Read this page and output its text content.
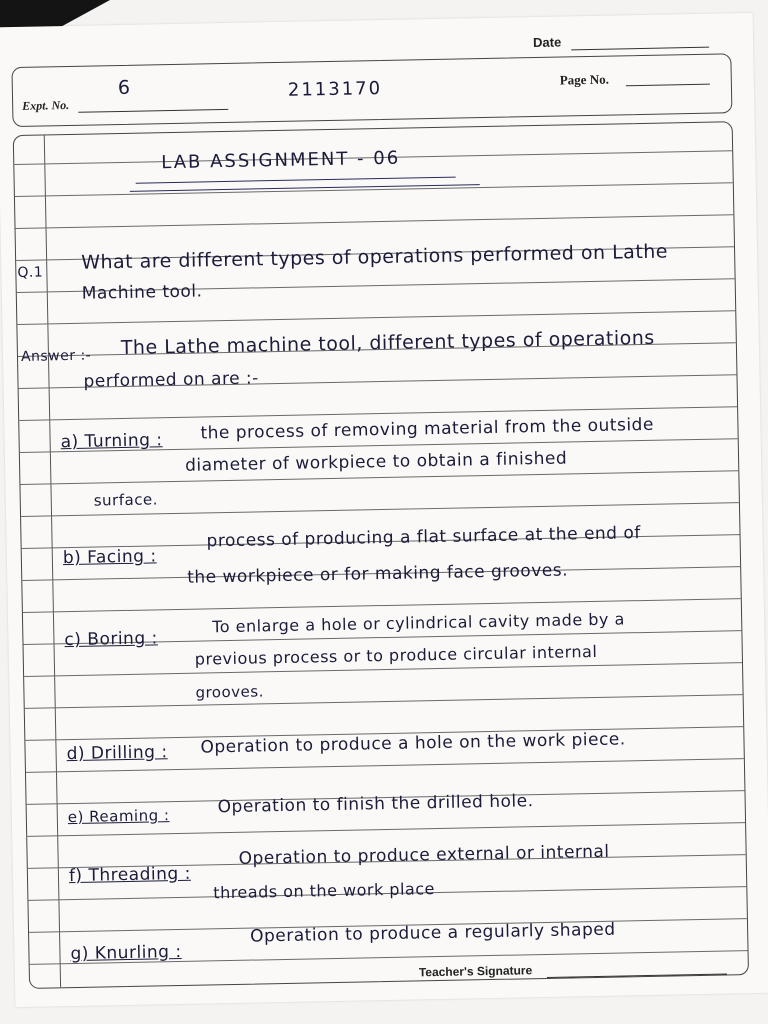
Date
Expt. No.
6	2113170	Page No.
LAB ASSIGNMENT - 06
Q.1 What are different types of operations performed on Lathe
Machine tool.
Answer :- The Lathe machine tool, different types of operations
performed on are :-
a) Turning : the process of removing material from the outside
diameter of workpiece to obtain a finished
surface.
b) Facing :
process of producing a flat surface at the end of
the workpiece or for making face grooves.
c) Boring :
To enlarge a hole or cylindrical cavity made by a
previous process or to produce circular internal
grooves.
d) Drilling : Operation to produce a hole on the work piece.
e) Reaming :	Operation to finish the drilled hole.
f) Threading :
Operation to produce external or internal
threads on the work place
g) Knurling :
Operation to produce a regularly shaped
Teacher's Signature
